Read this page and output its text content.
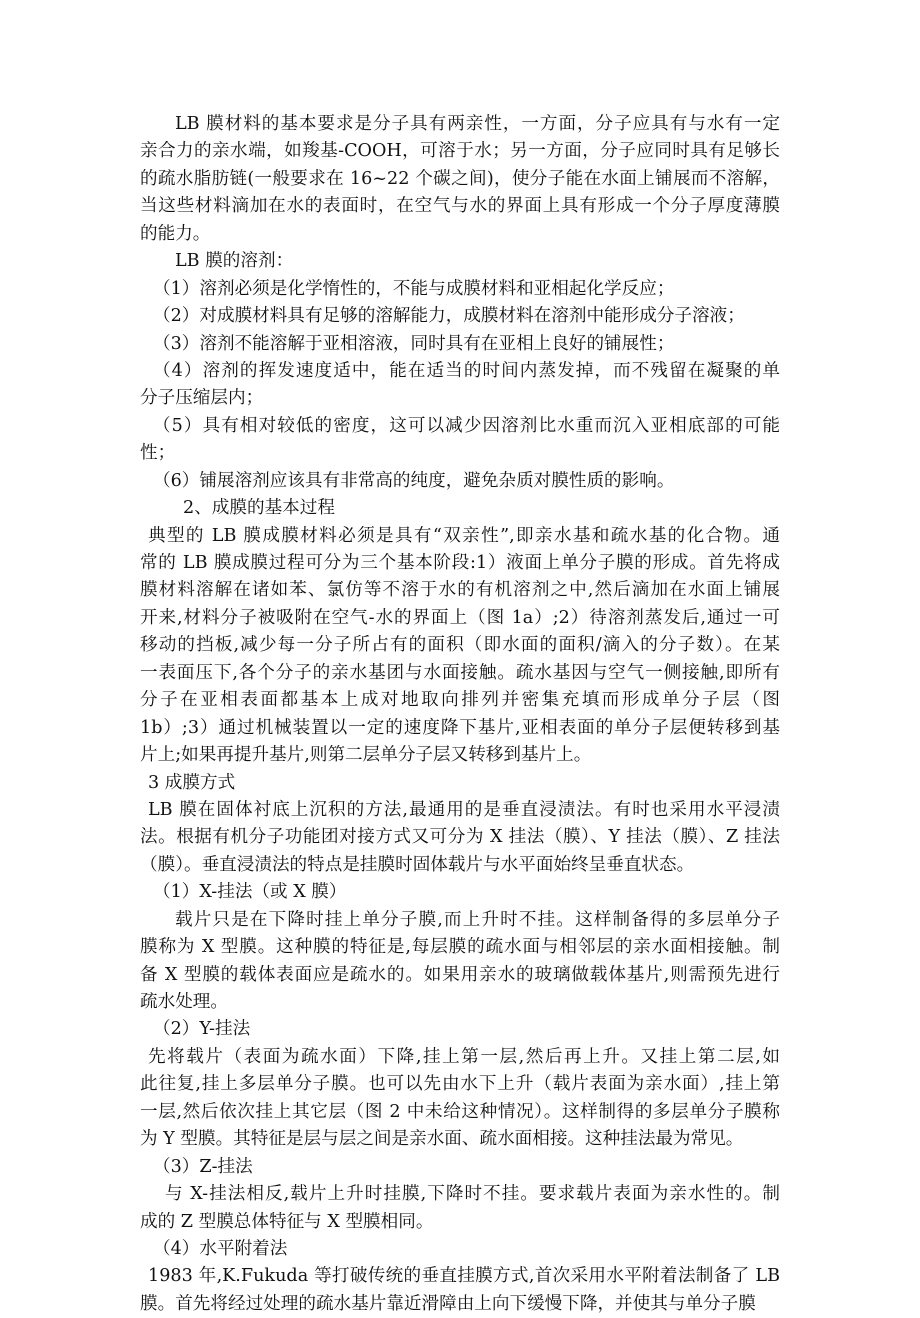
LB 膜材料的基本要求是分子具有两亲性，一方面，分子应具有与水有一定
亲合力的亲水端，如羧基-COOH，可溶于水；另一方面，分子应同时具有足够长
的疏水脂肪链(一般要求在 16~22 个碳之间)，使分子能在水面上铺展而不溶解，
当这些材料滴加在水的表面时，在空气与水的界面上具有形成一个分子厚度薄膜
的能力。
LB 膜的溶剂：
（1）溶剂必须是化学惰性的，不能与成膜材料和亚相起化学反应；
（2）对成膜材料具有足够的溶解能力，成膜材料在溶剂中能形成分子溶液；
（3）溶剂不能溶解于亚相溶液，同时具有在亚相上良好的铺展性；
（4）溶剂的挥发速度适中，能在适当的时间内蒸发掉，而不残留在凝聚的单
分子压缩层内；
（5）具有相对较低的密度，这可以减少因溶剂比水重而沉入亚相底部的可能
性；
（6）铺展溶剂应该具有非常高的纯度，避免杂质对膜性质的影响。
2、成膜的基本过程
典型的 LB 膜成膜材料必须是具有“双亲性”,即亲水基和疏水基的化合物。通
常的 LB 膜成膜过程可分为三个基本阶段:1）液面上单分子膜的形成。首先将成
膜材料溶解在诸如苯、氯仿等不溶于水的有机溶剂之中,然后滴加在水面上铺展
开来,材料分子被吸附在空气-水的界面上（图 1a）;2）待溶剂蒸发后,通过一可
移动的挡板,减少每一分子所占有的面积（即水面的面积/滴入的分子数）。在某
一表面压下,各个分子的亲水基团与水面接触。疏水基因与空气一侧接触,即所有
分子在亚相表面都基本上成对地取向排列并密集充填而形成单分子层（图
1b）;3）通过机械装置以一定的速度降下基片,亚相表面的单分子层便转移到基
片上;如果再提升基片,则第二层单分子层又转移到基片上。
3 成膜方式
LB 膜在固体衬底上沉积的方法,最通用的是垂直浸渍法。有时也采用水平浸渍
法。根据有机分子功能团对接方式又可分为 X 挂法（膜）、Y 挂法（膜）、Z 挂法
（膜）。垂直浸渍法的特点是挂膜时固体载片与水平面始终呈垂直状态。
（1）X-挂法（或 X 膜）
载片只是在下降时挂上单分子膜,而上升时不挂。这样制备得的多层单分子
膜称为 X 型膜。这种膜的特征是,每层膜的疏水面与相邻层的亲水面相接触。制
备 X 型膜的载体表面应是疏水的。如果用亲水的玻璃做载体基片,则需预先进行
疏水处理。
（2）Y-挂法
先将载片（表面为疏水面）下降,挂上第一层,然后再上升。又挂上第二层,如
此往复,挂上多层单分子膜。也可以先由水下上升（载片表面为亲水面）,挂上第
一层,然后依次挂上其它层（图 2 中未给这种情况）。这样制得的多层单分子膜称
为 Y 型膜。其特征是层与层之间是亲水面、疏水面相接。这种挂法最为常见。
（3）Z-挂法
与 X-挂法相反,载片上升时挂膜,下降时不挂。要求载片表面为亲水性的。制
成的 Z 型膜总体特征与 X 型膜相同。
（4）水平附着法
1983 年,K.Fukuda 等打破传统的垂直挂膜方式,首次采用水平附着法制备了 LB
膜。首先将经过处理的疏水基片靠近滑障由上向下缓慢下降，并使其与单分子膜
